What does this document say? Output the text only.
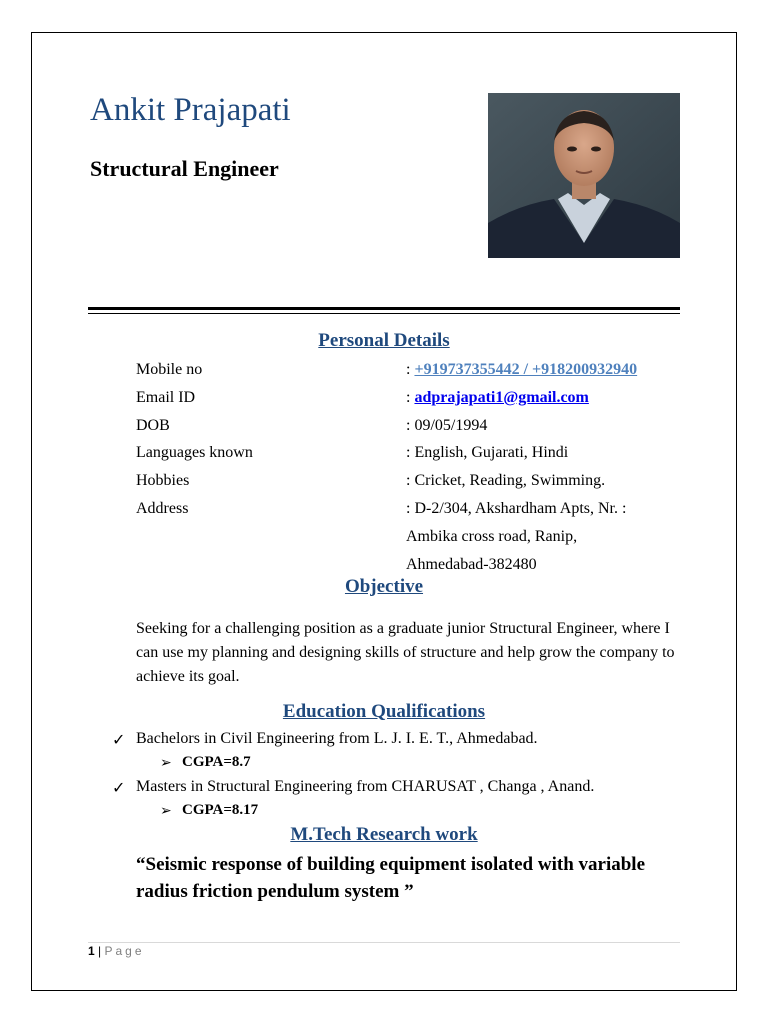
Ankit Prajapati
Structural Engineer
Personal Details
Mobile no	: +919737355442 / +918200932940
Email ID	: adprajapati1@gmail.com
DOB	: 09/05/1994
Languages known	: English, Gujarati, Hindi
Hobbies	: Cricket, Reading, Swimming.
Address	: D-2/304, Akshardham Apts, Nr. :
Ambika cross road, Ranip,
Ahmedabad-382480
Objective
Seeking for a challenging position as a graduate junior Structural Engineer, where I can use my planning and designing skills of structure and help grow the company to achieve its goal.
Education Qualifications
✓ Bachelors in Civil Engineering from L. J. I. E. T., Ahmedabad.
➢ CGPA=8.7
✓ Masters in Structural Engineering from CHARUSAT , Changa , Anand.
➢ CGPA=8.17
M.Tech Research work
“Seismic response of building equipment isolated with variable radius friction pendulum system ”
1 | Page
